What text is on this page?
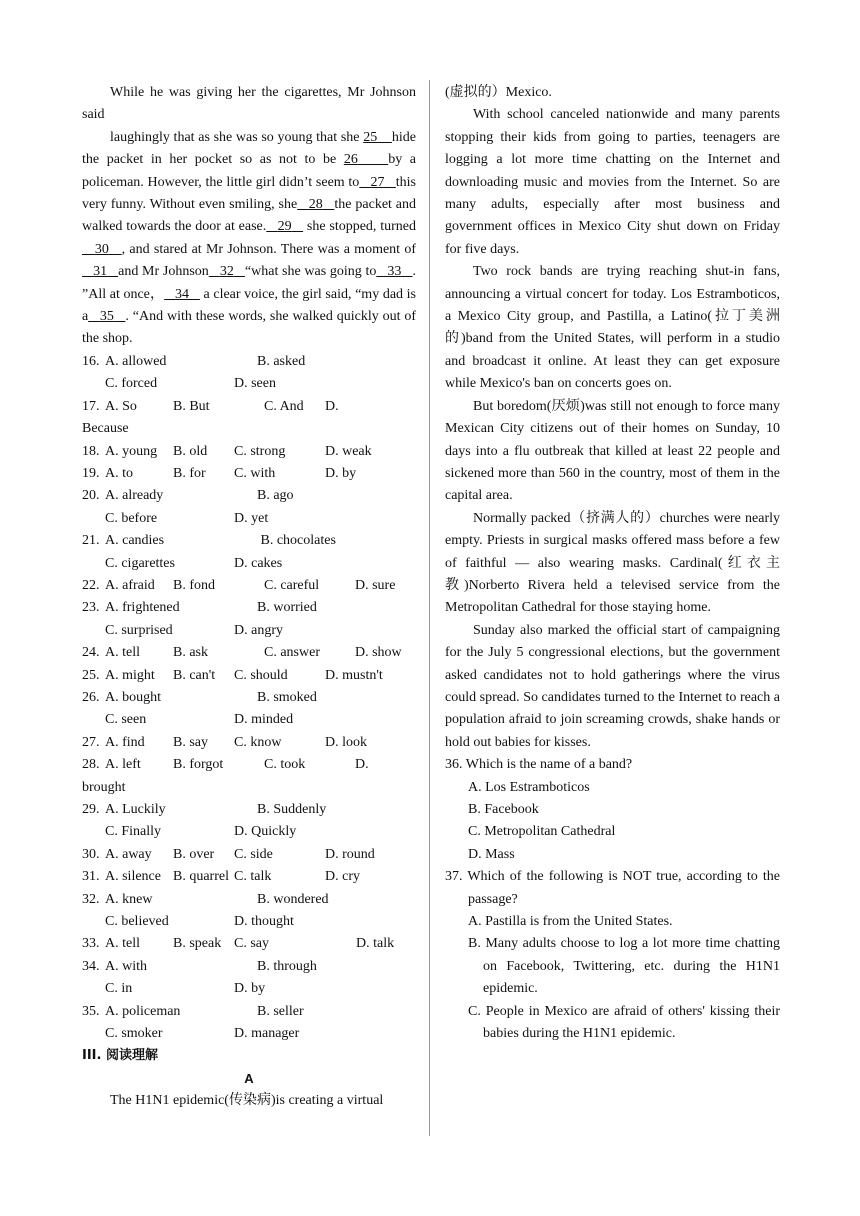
While he was giving her the cigarettes, Mr Johnson said

laughingly that as she was so young that she 25 hide the packet in her pocket so as not to be 26 by a policeman. However, the little girl didn’t seem to 27 this very funny. Without even smiling, she 28 the packet and walked towards the door at ease. 29    she stopped, turned   30 , and stared at Mr Johnson. There was a moment of   31 and Mr Johnson 32 “what she was going to 33 . ”All at once， 34    a clear voice, the girl said, “my dad is a 35 . “And with these words, she walked quickly out of the shop.

16. A. allowed	B. asked
C. forced	D. seen
17. A. So	B. But	C. And	D.
Because
18. A. young	B. old	C. strong	D. weak
19. A. to	B. for	C. with	D. by
20. A. already	B. ago
C. before	D. yet
21. A. candies	B. chocolates
C. cigarettes	D. cakes
22. A. afraid	B. fond	C. careful	D. sure
23. A. frightened	B. worried
C. surprised	D. angry
24. A. tell	B. ask	C. answer	D. show
25. A. might	B. can't	C. should	D. mustn't
26. A. bought	B. smoked
C. seen	D. minded
27. A. find	B. say	C. know	D. look
28. A. left	B. forgot	C. took	D.
brought
29. A. Luckily	B. Suddenly
C. Finally	D. Quickly
30. A. away	B. over	C. side	D. round
31. A. silence B. quarrel C. talk	D. cry
32. A. knew	B. wondered
C. believed	D. thought
33. A. tell	B. speak C. say	D. talk
34. A. with	B. through
C. in	D. by
35. A. policeman	B. seller
C. smoker	D. manager
III. 阅读理解
A

The H1N1 epidemic(传染病)is creating a virtual

(虚拟的）Mexico.

With school canceled nationwide and many parents stopping their kids from going to parties, teenagers are logging a lot more time chatting on the Internet and downloading music and movies from the Internet. So are many adults, especially after most business and government offices in Mexico City shut down on Friday for five days.

Two rock bands are trying reaching shut-in fans, announcing a virtual concert for today. Los Estramboticos, a Mexico City group, and Pastilla, a Latino(拉丁美洲的)band from the United States, will perform in a studio and broadcast it online. At least they can get exposure while Mexico's ban on concerts goes on.

But boredom(厌烦)was still not enough to force many Mexican City citizens out of their homes on Sunday, 10 days into a flu outbreak that killed at least 22 people and sickened more than 560 in the country, most of them in the capital area.

Normally packed（挤满人的）churches were nearly empty. Priests in surgical masks offered mass before a few of faithful — also wearing masks. Cardinal(红衣主教)Norberto Rivera held a televised service from the Metropolitan Cathedral for those staying home.

Sunday also marked the official start of campaigning for the July 5 congressional elections, but the government asked candidates not to hold gatherings where the virus could spread. So candidates turned to the Internet to reach a population afraid to join screaming crowds, shake hands or hold out babies for kisses.

36. Which is the name of a band?

A. Los Estramboticos

B. Facebook

C. Metropolitan Cathedral

D. Mass

37. Which of the following is NOT true, according to the passage?

A. Pastilla is from the United States.

B. Many adults choose to log a lot more time chatting on Facebook, Twittering, etc. during the H1N1 epidemic.

C. People in Mexico are afraid of others' kissing their babies during the H1N1 epidemic.
